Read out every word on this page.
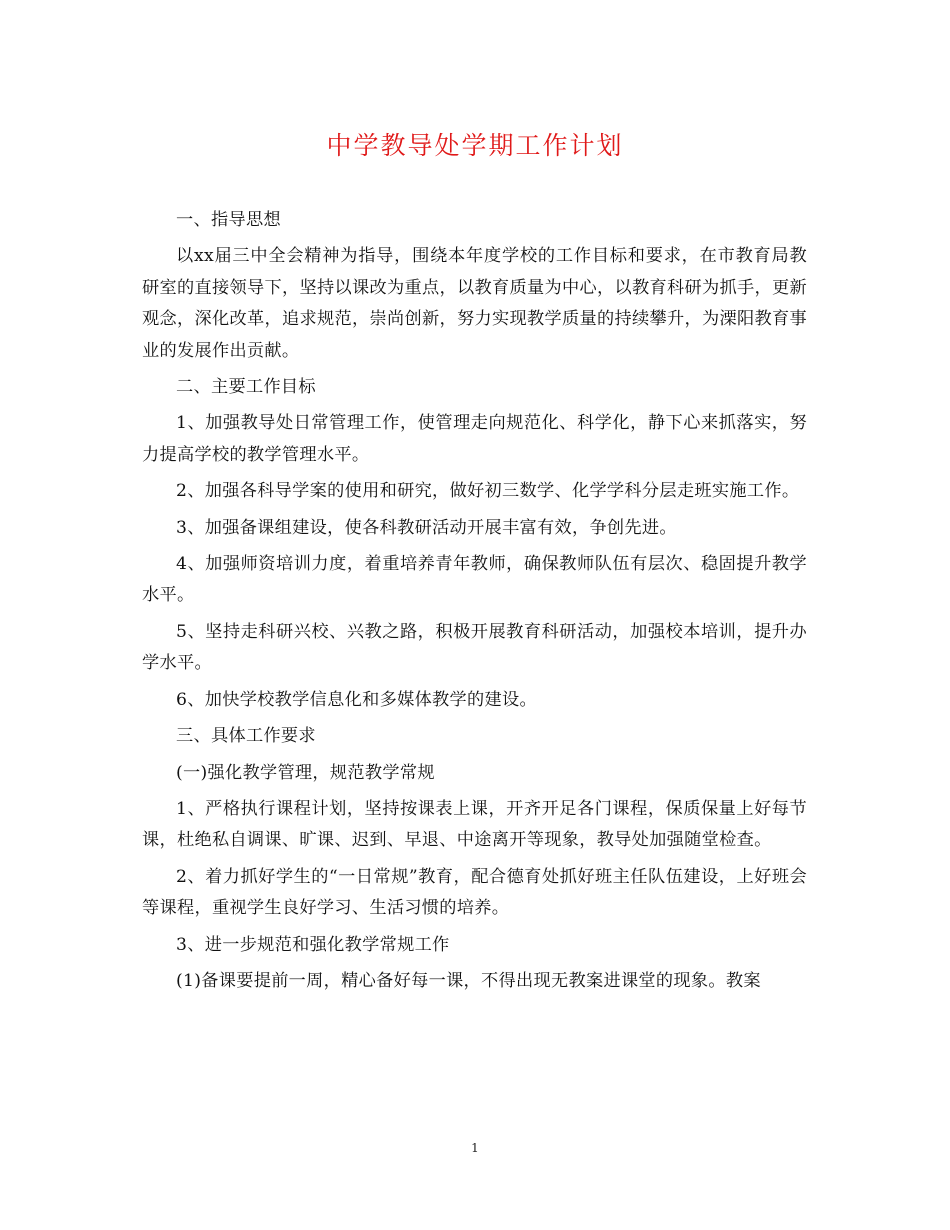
中学教导处学期工作计划

一、指导思想

以xx届三中全会精神为指导，围绕本年度学校的工作目标和要求，在市教育局教研室的直接领导下，坚持以课改为重点，以教育质量为中心，以教育科研为抓手，更新观念，深化改革，追求规范，崇尚创新，努力实现教学质量的持续攀升，为溧阳教育事业的发展作出贡献。

二、主要工作目标

1、加强教导处日常管理工作，使管理走向规范化、科学化，静下心来抓落实，努力提高学校的教学管理水平。

2、加强各科导学案的使用和研究，做好初三数学、化学学科分层走班实施工作。

3、加强备课组建设，使各科教研活动开展丰富有效，争创先进。

4、加强师资培训力度，着重培养青年教师，确保教师队伍有层次、稳固提升教学水平。

5、坚持走科研兴校、兴教之路，积极开展教育科研活动，加强校本培训，提升办学水平。

6、加快学校教学信息化和多媒体教学的建设。

三、具体工作要求

(一)强化教学管理，规范教学常规

1、严格执行课程计划，坚持按课表上课，开齐开足各门课程，保质保量上好每节课，杜绝私自调课、旷课、迟到、早退、中途离开等现象，教导处加强随堂检查。

2、着力抓好学生的“一日常规”教育，配合德育处抓好班主任队伍建设，上好班会等课程，重视学生良好学习、生活习惯的培养。

3、进一步规范和强化教学常规工作

(1)备课要提前一周，精心备好每一课，不得出现无教案进课堂的现象。教案

1
